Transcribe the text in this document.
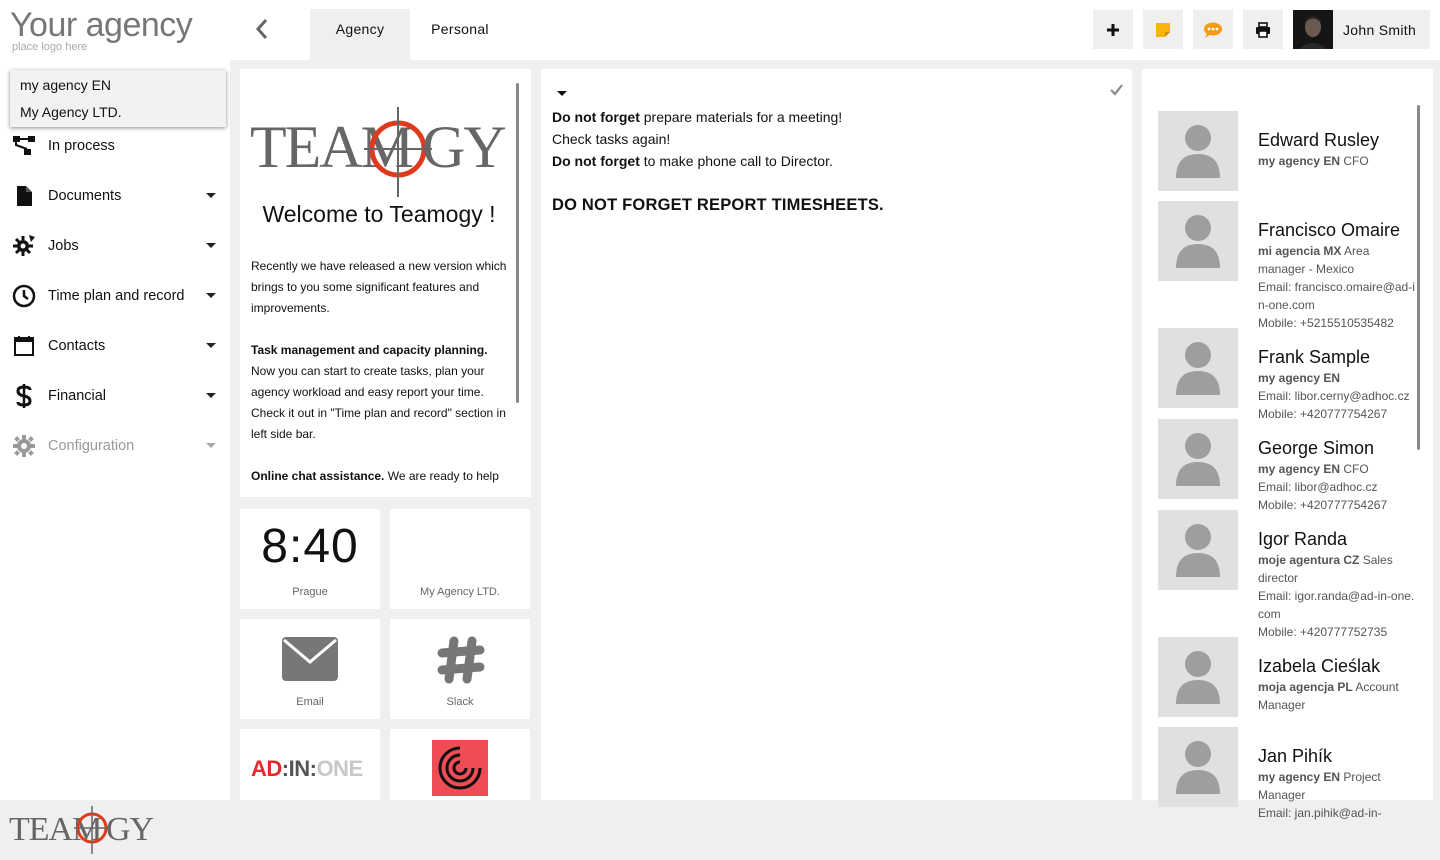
Your agency
place logo here
Agency	Personal	John Smith
In process
Documents
Jobs
Time plan and record
Contacts
Financial
Configuration
TEAM GY
my agency EN
My Agency LTD.
TEAM GY
Welcome to Teamogy !

Recently we have released a new version which brings to you some significant features and improvements.

Task management and capacity planning. Now you can start to create tasks, plan your agency workload and easy report your time. Check it out in "Time plan and record" section in left side bar.

Online chat assistance. We are ready to help

8:40
Prague	My Agency LTD.
Email	Slack
AD:IN:ONE
Do not forget prepare materials for a meeting!
Check tasks again!
Do not forget to make phone call to Director.
DO NOT FORGET REPORT TIMESHEETS.
Edward Rusley
my agency EN CFO
Francisco Omaire
mi agencia MX Area manager - Mexico
Email: francisco.omaire@ad-in-one.com
Mobile: +5215510535482
Frank Sample
my agency EN
Email: libor.cerny@adhoc.cz
Mobile: +420777754267
George Simon
my agency EN CFO
Email: libor@adhoc.cz
Mobile: +420777754267
Igor Randa
moje agentura CZ Sales director
Email: igor.randa@ad-in-one.com
Mobile: +420777752735
Izabela Cieślak
moja agencja PL Account Manager
Jan Pihík
my agency EN Project Manager
Email: jan.pihik@ad-in-
